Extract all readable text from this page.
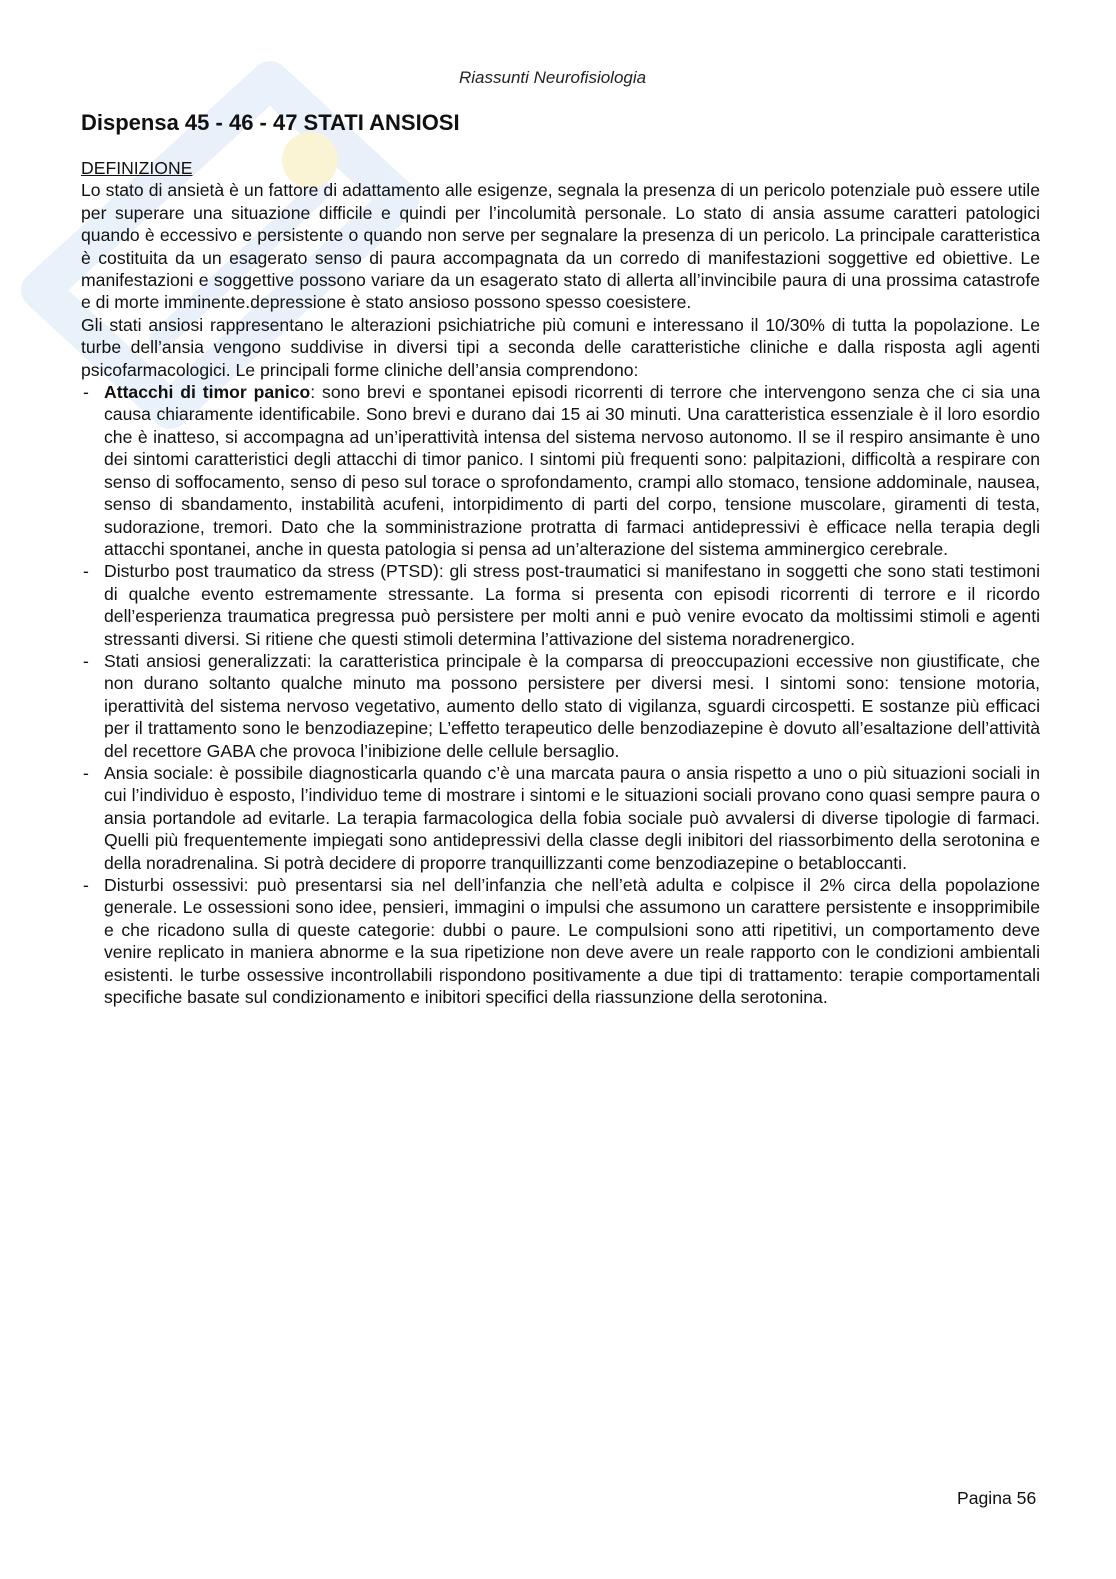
Riassunti Neurofisiologia
Dispensa 45 - 46 - 47 STATI ANSIOSI
DEFINIZIONE

Lo stato di ansietà è un fattore di adattamento alle esigenze, segnala la presenza di un pericolo potenziale può essere utile per superare una situazione difficile e quindi per l’incolumità personale. Lo stato di ansia assume caratteri patologici quando è eccessivo e persistente o quando non serve per segnalare la presenza di un pericolo. La principale caratteristica è costituita da un esagerato senso di paura accompagnata da un corredo di manifestazioni soggettive ed obiettive. Le manifestazioni e soggettive possono variare da un esagerato stato di allerta all’invincibile paura di una prossima catastrofe e di morte imminente.depressione è stato ansioso possono spesso coesistere.

Gli stati ansiosi rappresentano le alterazioni psichiatriche più comuni e interessano il 10/30% di tutta la popolazione. Le turbe dell’ansia vengono suddivise in diversi tipi a seconda delle caratteristiche cliniche e dalla risposta agli agenti psicofarmacologici. Le principali forme cliniche dell’ansia comprendono:

- Attacchi di timor panico: sono brevi e spontanei episodi ricorrenti di terrore che intervengono senza che ci sia una causa chiaramente identificabile. Sono brevi e durano dai 15 ai 30 minuti. Una caratteristica essenziale è il loro esordio che è inatteso, si accompagna ad un’iperattività intensa del sistema nervoso autonomo. Il se il respiro ansimante è uno dei sintomi caratteristici degli attacchi di timor panico. I sintomi più frequenti sono: palpitazioni, difficoltà a respirare con senso di soffocamento, senso di peso sul torace o sprofondamento, crampi allo stomaco, tensione addominale, nausea, senso di sbandamento, instabilità acufeni, intorpidimento di parti del corpo, tensione muscolare, giramenti di testa, sudorazione, tremori. Dato che la somministrazione protratta di farmaci antidepressivi è efficace nella terapia degli attacchi spontanei, anche in questa patologia si pensa ad un’alterazione del sistema amminergico cerebrale.
- Disturbo post traumatico da stress (PTSD): gli stress post-traumatici si manifestano in soggetti che sono stati testimoni di qualche evento estremamente stressante. La forma si presenta con episodi ricorrenti di terrore e il ricordo dell’esperienza traumatica pregressa può persistere per molti anni e può venire evocato da moltissimi stimoli e agenti stressanti diversi. Si ritiene che questi stimoli determina l’attivazione del sistema noradrenergico.
- Stati ansiosi generalizzati: la caratteristica principale è la comparsa di preoccupazioni eccessive non giustificate, che non durano soltanto qualche minuto ma possono persistere per diversi mesi. I sintomi sono: tensione motoria, iperattività del sistema nervoso vegetativo, aumento dello stato di vigilanza, sguardi circospetti. E sostanze più efficaci per il trattamento sono le benzodiazepine; L’effetto terapeutico delle benzodiazepine è dovuto all’esaltazione dell’attività del recettore GABA che provoca l’inibizione delle cellule bersaglio.
- Ansia sociale: è possibile diagnosticarla quando c’è una marcata paura o ansia rispetto a uno o più situazioni sociali in cui l’individuo è esposto, l’individuo teme di mostrare i sintomi e le situazioni sociali provano cono quasi sempre paura o ansia portandole ad evitarle. La terapia farmacologica della fobia sociale può avvalersi di diverse tipologie di farmaci. Quelli più frequentemente impiegati sono antidepressivi della classe degli inibitori del riassorbimento della serotonina e della noradrenalina. Si potrà decidere di proporre tranquillizzanti come benzodiazepine o betabloccanti.
- Disturbi ossessivi: può presentarsi sia nel dell’infanzia che nell’età adulta e colpisce il 2% circa della popolazione generale. Le ossessioni sono idee, pensieri, immagini o impulsi che assumono un carattere persistente e insopprimibile e che ricadono sulla di queste categorie: dubbi o paure. Le compulsioni sono atti ripetitivi, un comportamento deve venire replicato in maniera abnorme e la sua ripetizione non deve avere un reale rapporto con le condizioni ambientali esistenti. le turbe ossessive incontrollabili rispondono positivamente a due tipi di trattamento: terapie comportamentali specifiche basate sul condizionamento e inibitori specifici della riassunzione della serotonina.
Pagina 56
